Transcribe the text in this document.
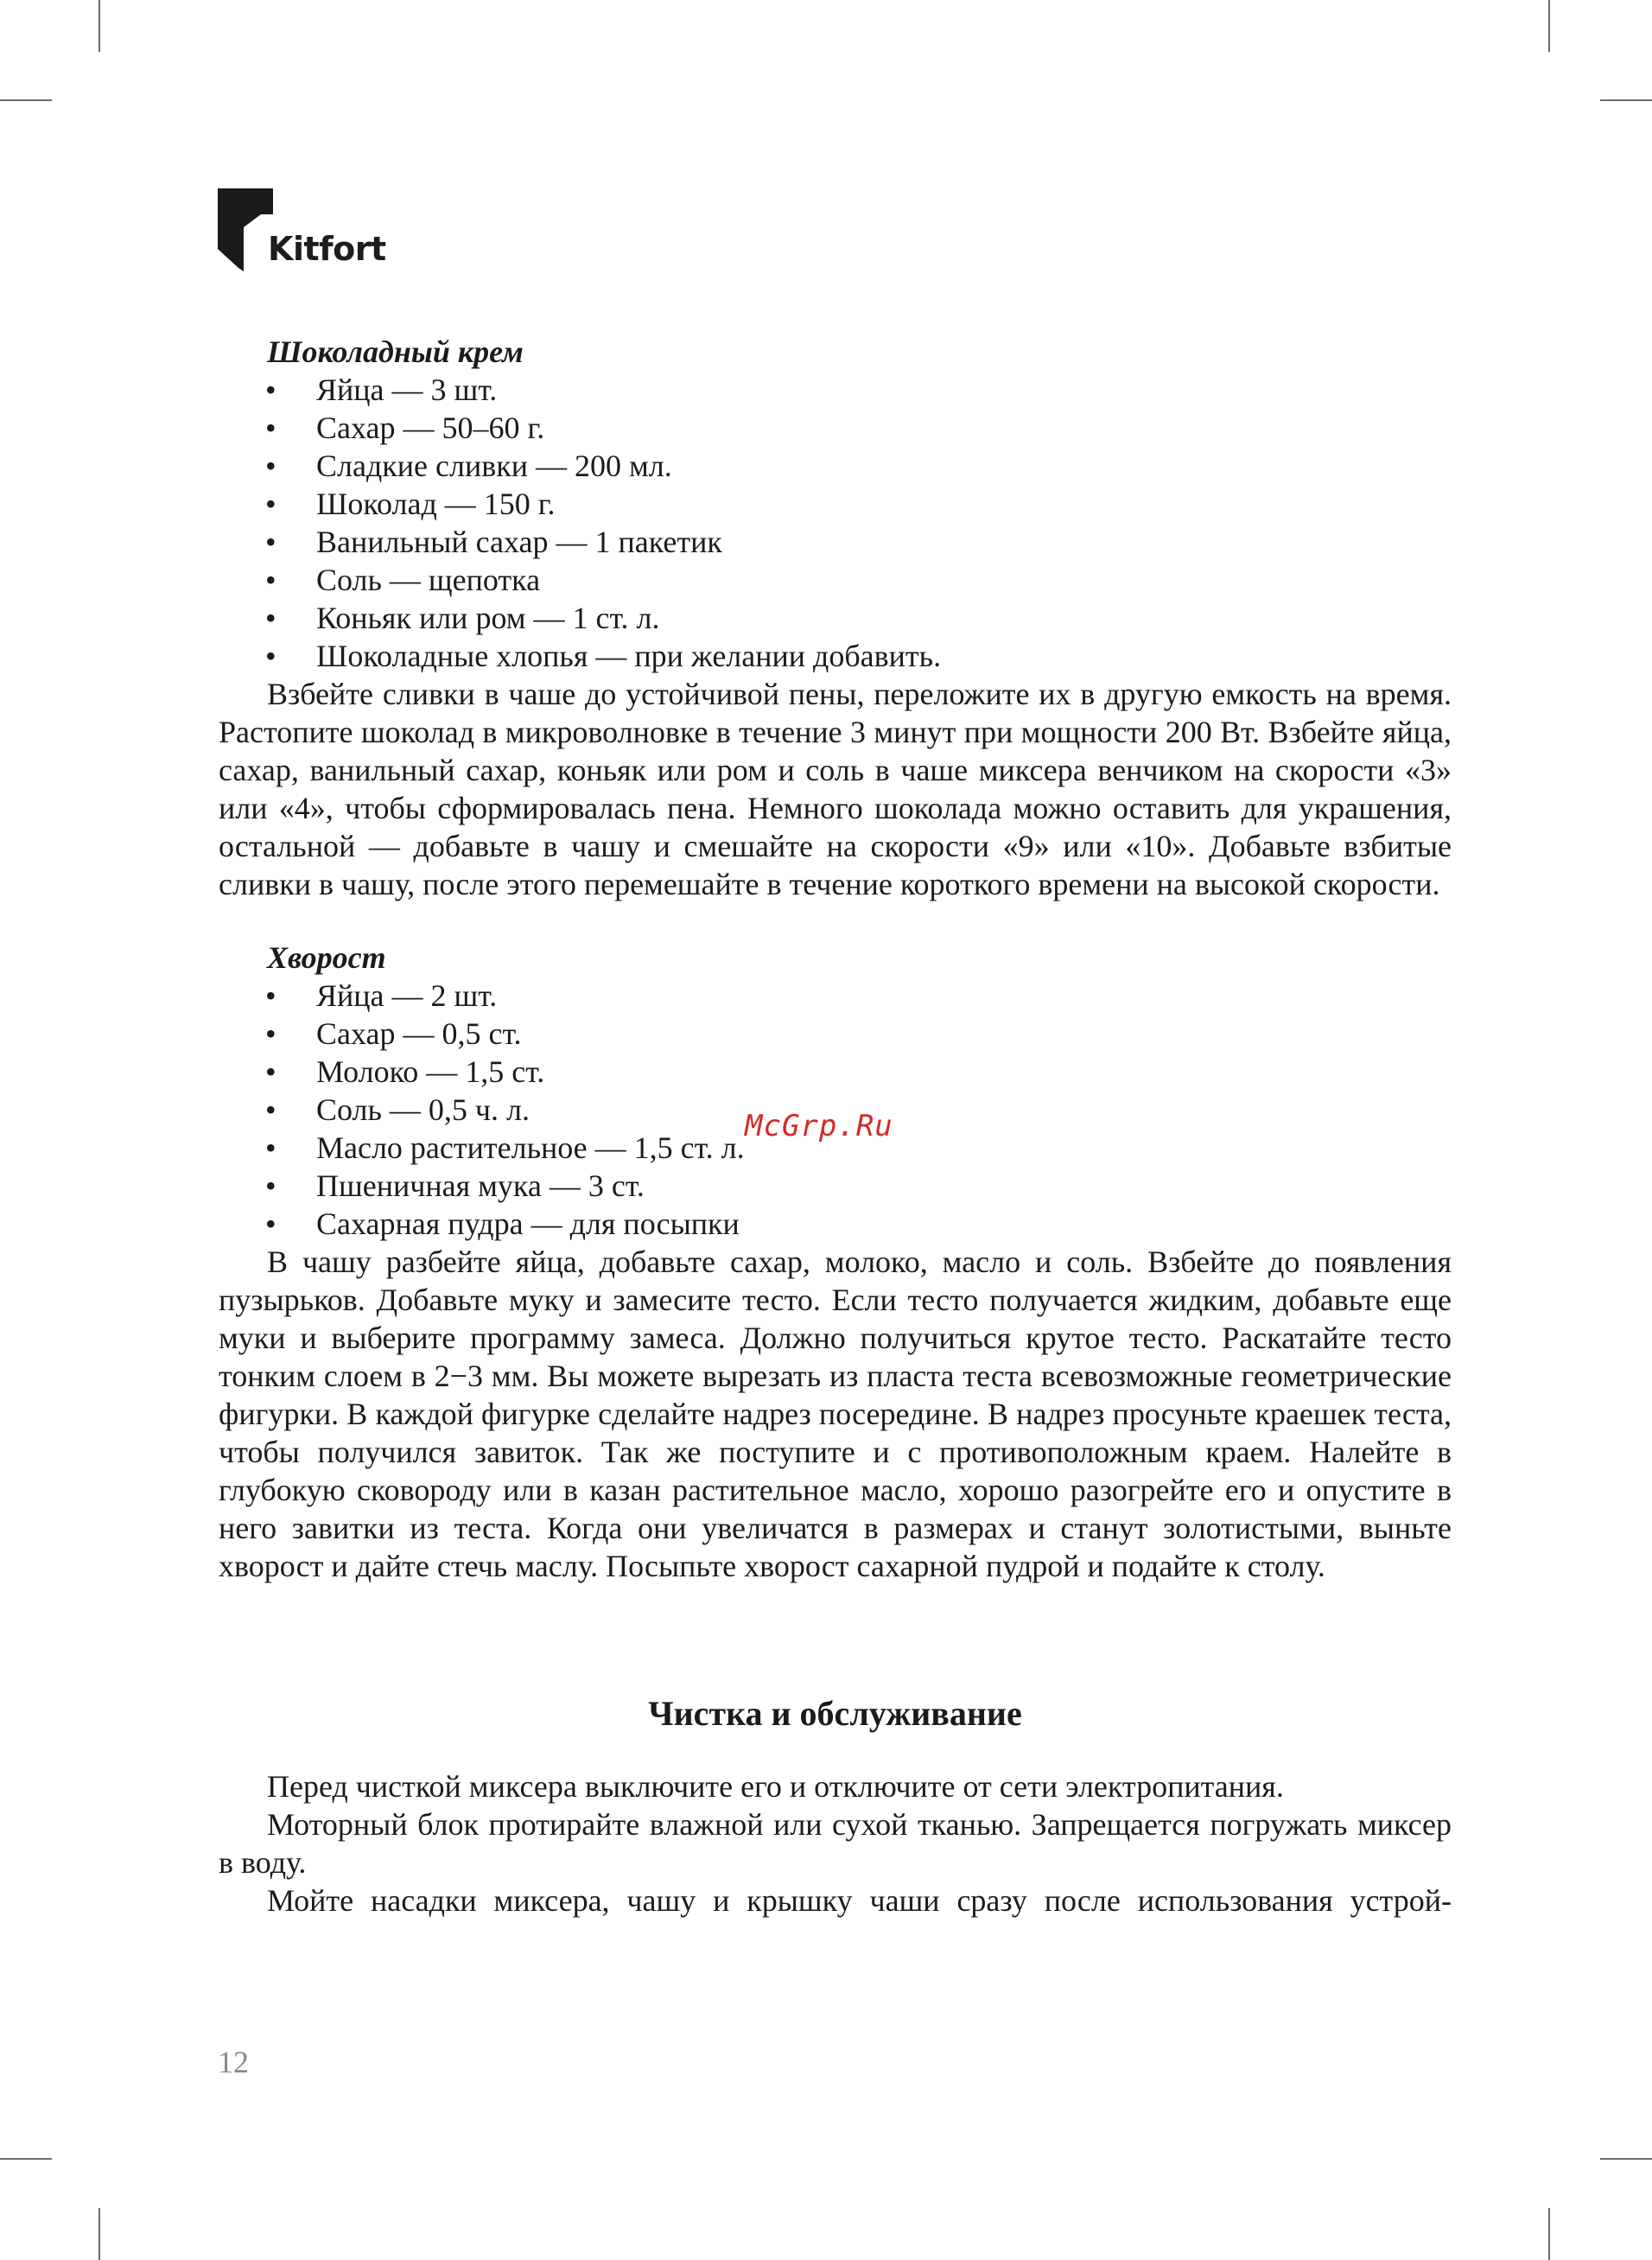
Kitfort
McGrp.Ru
Шоколадный крем
• Яйца — 3 шт.
• Сахар — 50–60 г.
• Сладкие сливки — 200 мл.
• Шоколад — 150 г.
• Ванильный сахар — 1 пакетик
• Соль — щепотка
• Коньяк или ром — 1 ст. л.
• Шоколадные хлопья — при желании добавить.

Взбейте сливки в чаше до устойчивой пены, переложите их в другую емкость на время. Растопите шоколад в микроволновке в течение 3 минут при мощности 200 Вт. Взбейте яйца, сахар, ванильный сахар, коньяк или ром и соль в чаше миксера венчиком на скорости «3» или «4», чтобы сформировалась пена. Немного шоколада можно оставить для украшения, остальной — добавьте в чашу и смешайте на скорости «9» или «10». Добавьте взбитые сливки в чашу, после этого перемешайте в течение короткого времени на высокой скорости.

Хворост
• Яйца — 2 шт.
• Сахар — 0,5 ст.
• Молоко — 1,5 ст.
• Соль — 0,5 ч. л.
• Масло растительное — 1,5 ст. л.
• Пшеничная мука — 3 ст.
• Сахарная пудра — для посыпки

В чашу разбейте яйца, добавьте сахар, молоко, масло и соль. Взбейте до появления пузырьков. Добавьте муку и замесите тесто. Если тесто получается жидким, добавьте еще муки и выберите программу замеса. Должно получиться крутое тесто. Раскатайте тесто тонким слоем в 2−3 мм. Вы можете вырезать из пласта теста всевозможные геометрические фигурки. В каждой фигурке сделайте надрез посередине. В надрез просуньте краешек теста, чтобы получился завиток. Так же поступите и с противоположным краем. Налейте в глубокую сковороду или в казан растительное масло, хорошо разогрейте его и опустите в него завитки из теста. Когда они увеличатся в размерах и станут золотистыми, выньте хворост и дайте стечь маслу. Посыпьте хворост сахарной пудрой и подайте к столу.

Чистка и обслуживание

Перед чисткой миксера выключите его и отключите от сети электропитания.

Моторный блок протирайте влажной или сухой тканью. Запрещается погружать миксер в воду.

Мойте насадки миксера, чашу и крышку чаши сразу после использования устрой-

12
